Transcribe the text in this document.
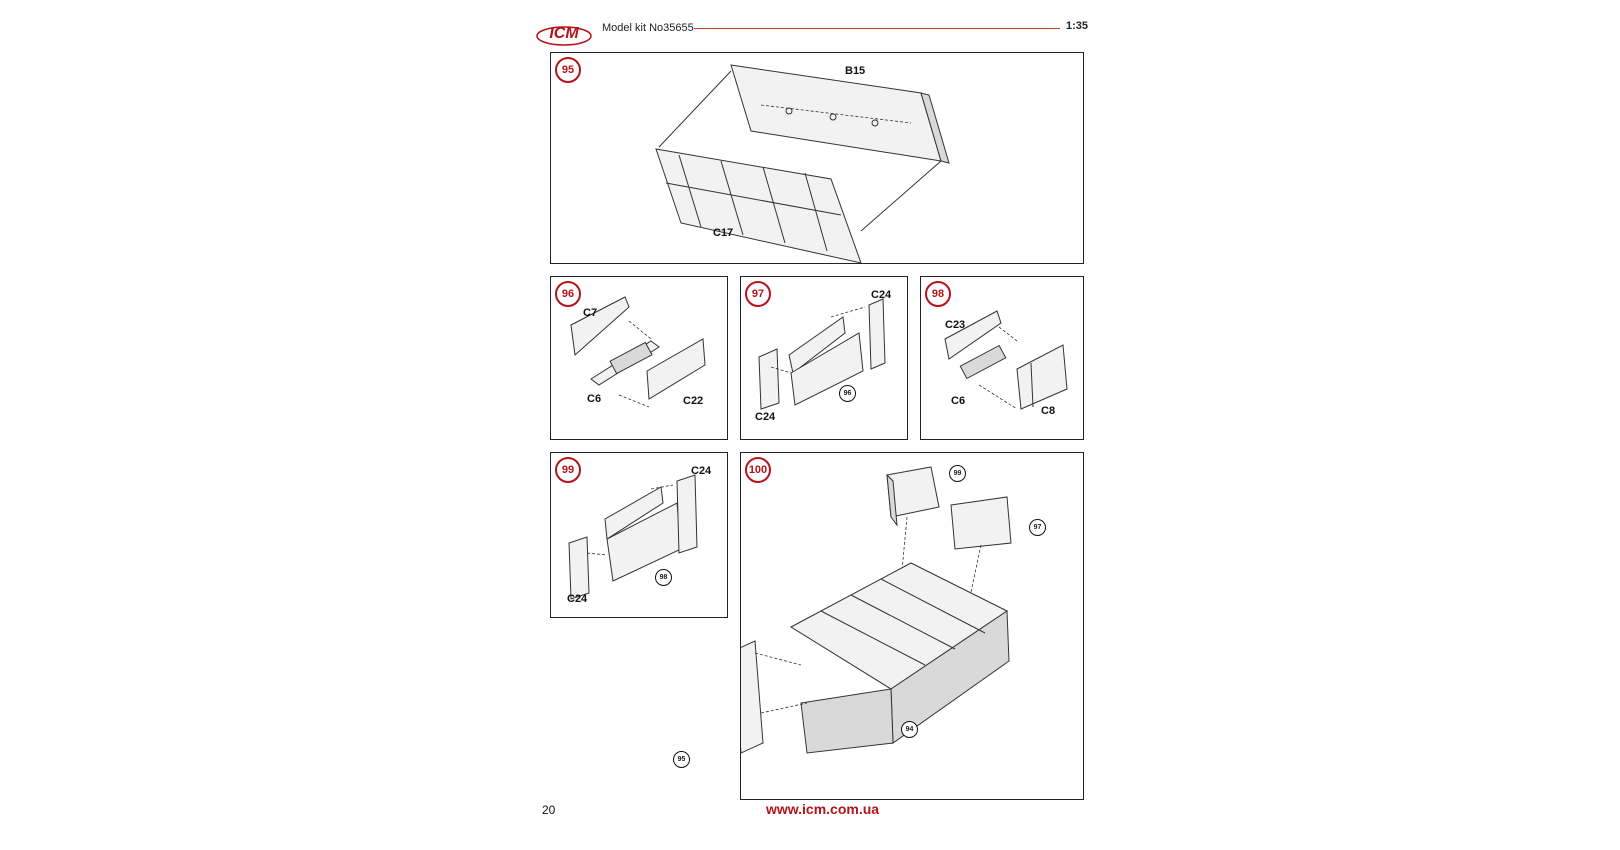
ICM Model kit No35655	1:35
95	B15
C17
96
C7
C6	C22
97	C24
C24
96
98
C23
C6
C8
99	C24
C24
98
100	99
97
94
95
20	www.icm.com.ua
